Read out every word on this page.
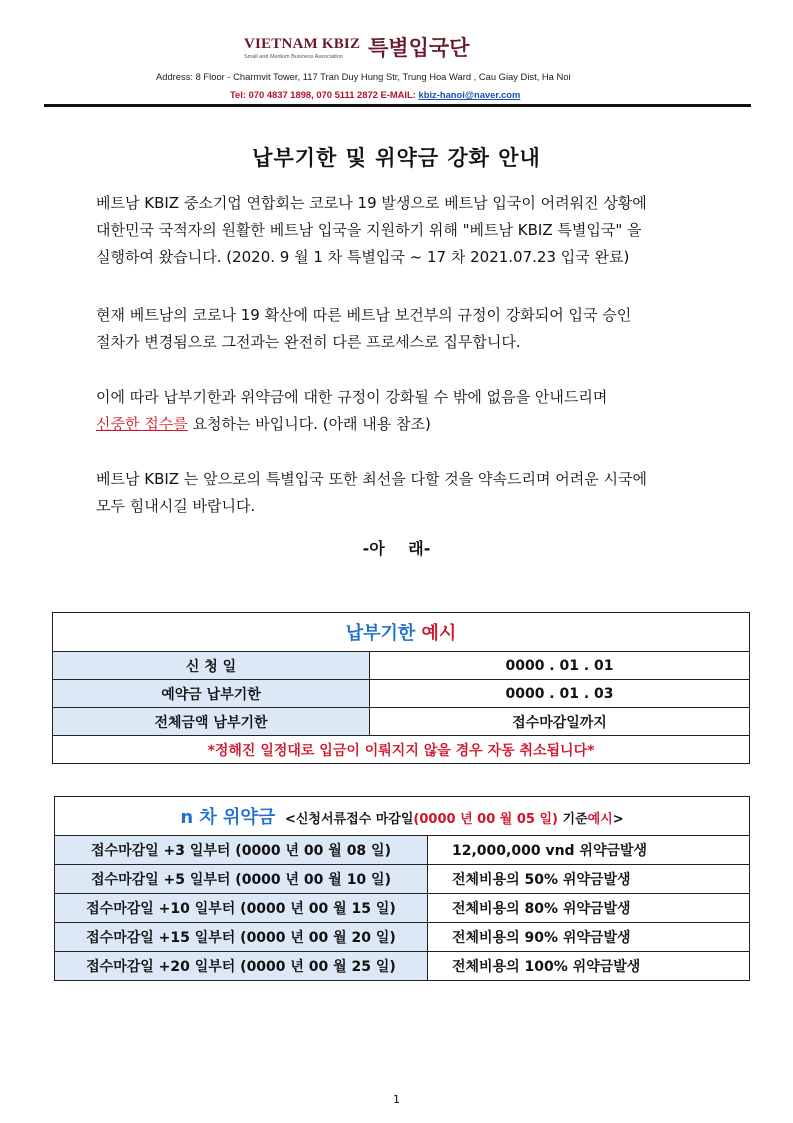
VIETNAM KBIZ 특별입국단
Small and Medium Business Association
Address: 8 Floor - Charmvit Tower, 117 Tran Duy Hung Str, Trung Hoa Ward , Cau Giay Dist, Ha Noi
Tel: 070 4837 1898, 070 5111 2872 E-MAIL: kbiz-hanoi@naver.com
납부기한 및 위약금 강화 안내
베트남 KBIZ 중소기업 연합회는 코로나 19 발생으로 베트남 입국이 어려워진 상황에
대한민국 국적자의 원활한 베트남 입국을 지원하기 위해 "베트남 KBIZ 특별입국" 을
실행하여 왔습니다. (2020. 9 월 1 차 특별입국 ~ 17 차 2021.07.23 입국 완료)
현재 베트남의 코로나 19 확산에 따른 베트남 보건부의 규정이 강화되어 입국 승인
절차가 변경됨으로 그전과는 완전히 다른 프로세스로 집무합니다.
이에 따라 납부기한과 위약금에 대한 규정이 강화될 수 밖에 없음을 안내드리며
신중한 접수를 요청하는 바입니다. (아래 내용 참조)
베트남 KBIZ 는 앞으로의 특별입국 또한 최선을 다할 것을 약속드리며 어려운 시국에
모두 힘내시길 바랍니다.
-아 래-
납부기한 예시	
신 청 일	0000 . 01 . 01
예약금 납부기한	0000 . 01 . 03
전체금액 남부기한	접수마감일까지
*정해진 일정대로 입금이 이뤄지지 않을 경우 자동 취소됩니다*	
n 차 위약금 <신청서류접수 마감일(0000 년 00 월 05 일) 기준예시>	
접수마감일 +3 일부터 (0000 년 00 월 08 일)	12,000,000 vnd 위약금발생
접수마감일 +5 일부터 (0000 년 00 월 10 일)	전체비용의 50% 위약금발생
접수마감일 +10 일부터 (0000 년 00 월 15 일)	전체비용의 80% 위약금발생
접수마감일 +15 일부터 (0000 년 00 월 20 일)	전체비용의 90% 위약금발생
접수마감일 +20 일부터 (0000 년 00 월 25 일)	전체비용의 100% 위약금발생
1
